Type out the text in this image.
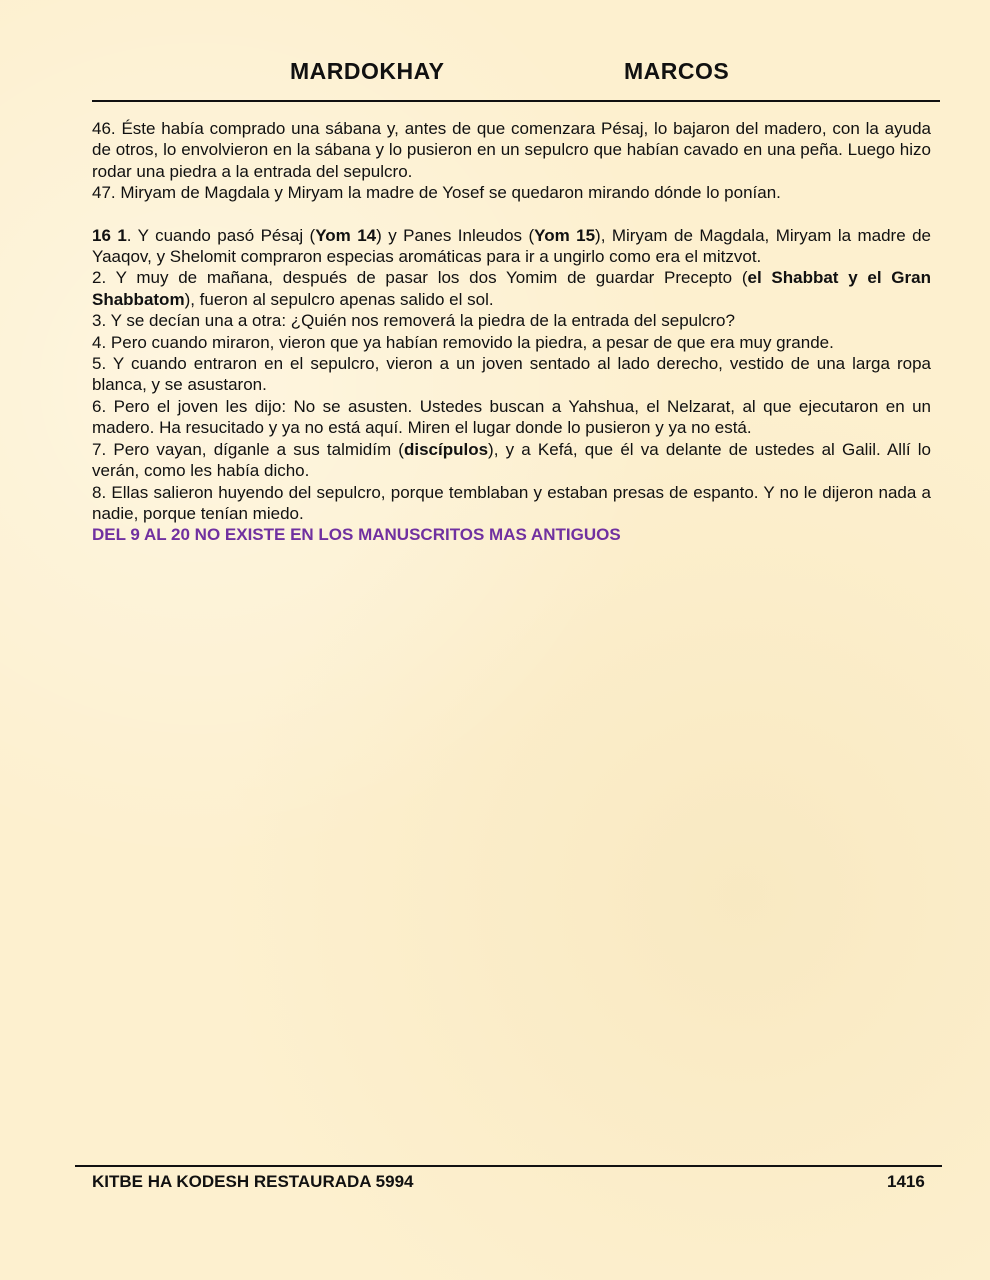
MARDOKHAY	MARCOS

46. Éste había comprado una sábana y, antes de que comenzara Pésaj, lo bajaron del madero, con la ayuda de otros, lo envolvieron en la sábana y lo pusieron en un sepulcro que habían cavado en una peña. Luego hizo rodar una piedra a la entrada del sepulcro.

47. Miryam de Magdala y Miryam la madre de Yosef se quedaron mirando dónde lo ponían.

16 1. Y cuando pasó Pésaj (Yom 14) y Panes Inleudos (Yom 15), Miryam de Magdala, Miryam la madre de Yaaqov, y Shelomit compraron especias aromáticas para ir a ungirlo como era el mitzvot.

2. Y muy de mañana, después de pasar los dos Yomim de guardar Precepto (el Shabbat y el Gran Shabbatom), fueron al sepulcro apenas salido el sol.

3. Y se decían una a otra: ¿Quién nos removerá la piedra de la entrada del sepulcro?

4. Pero cuando miraron, vieron que ya habían removido la piedra, a pesar de que era muy grande.

5. Y cuando entraron en el sepulcro, vieron a un joven sentado al lado derecho, vestido de una larga ropa blanca, y se asustaron.

6. Pero el joven les dijo: No se asusten. Ustedes buscan a Yahshua, el Nelzarat, al que ejecutaron en un madero. Ha resucitado y ya no está aquí. Miren el lugar donde lo pusieron y ya no está.

7. Pero vayan, díganle a sus talmidím (discípulos), y a Kefá, que él va delante de ustedes al Galil. Allí lo verán, como les había dicho.

8. Ellas salieron huyendo del sepulcro, porque temblaban y estaban presas de espanto. Y no le dijeron nada a nadie, porque tenían miedo.

DEL 9 AL 20 NO EXISTE EN LOS MANUSCRITOS MAS ANTIGUOS

KITBE HA KODESH RESTAURADA 5994	1416
